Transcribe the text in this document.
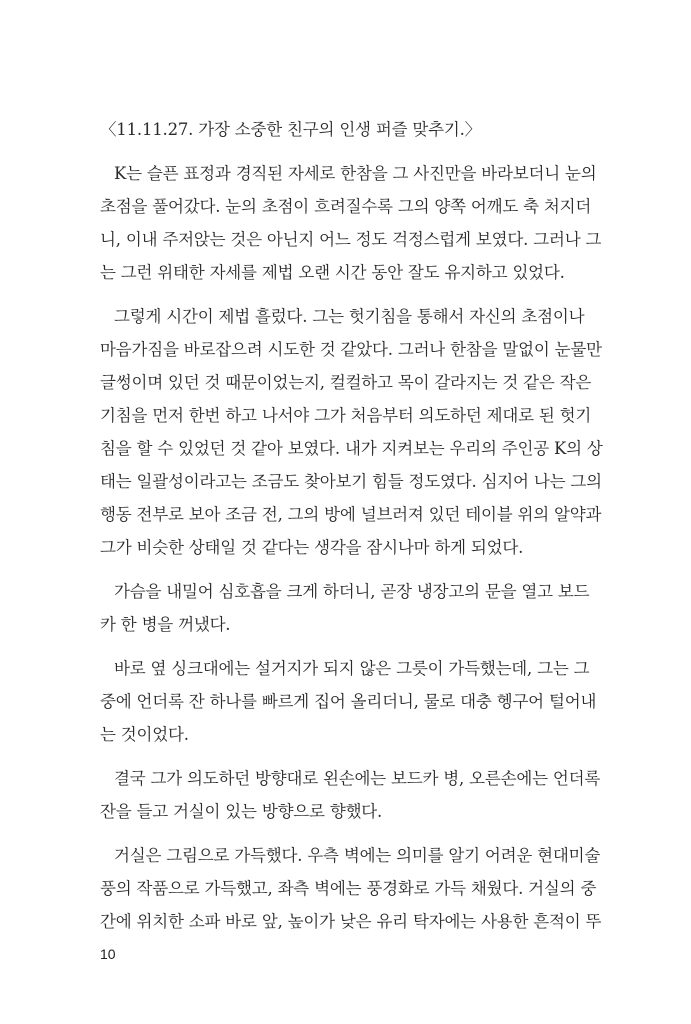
〈11.11.27. 가장 소중한 친구의 인생 퍼즐 맞추기.〉
K는 슬픈 표정과 경직된 자세로 한참을 그 사진만을 바라보더니 눈의
초점을 풀어갔다. 눈의 초점이 흐려질수록 그의 양쪽 어깨도 축 처지더
니, 이내 주저앉는 것은 아닌지 어느 정도 걱정스럽게 보였다. 그러나 그
는 그런 위태한 자세를 제법 오랜 시간 동안 잘도 유지하고 있었다.
그렇게 시간이 제법 흘렀다. 그는 헛기침을 통해서 자신의 초점이나
마음가짐을 바로잡으려 시도한 것 같았다. 그러나 한참을 말없이 눈물만
글썽이며 있던 것 때문이었는지, 컬컬하고 목이 갈라지는 것 같은 작은
기침을 먼저 한번 하고 나서야 그가 처음부터 의도하던 제대로 된 헛기
침을 할 수 있었던 것 같아 보였다. 내가 지켜보는 우리의 주인공 K의 상
태는 일괄성이라고는 조금도 찾아보기 힘들 정도였다. 심지어 나는 그의
행동 전부로 보아 조금 전, 그의 방에 널브러져 있던 테이블 위의 알약과
그가 비슷한 상태일 것 같다는 생각을 잠시나마 하게 되었다.
가슴을 내밀어 심호흡을 크게 하더니, 곧장 냉장고의 문을 열고 보드
카 한 병을 꺼냈다.
바로 옆 싱크대에는 설거지가 되지 않은 그릇이 가득했는데, 그는 그
중에 언더록 잔 하나를 빠르게 집어 올리더니, 물로 대충 헹구어 털어내
는 것이었다.
결국 그가 의도하던 방향대로 왼손에는 보드카 병, 오른손에는 언더록
잔을 들고 거실이 있는 방향으로 향했다.
거실은 그림으로 가득했다. 우측 벽에는 의미를 알기 어려운 현대미술
풍의 작품으로 가득했고, 좌측 벽에는 풍경화로 가득 채웠다. 거실의 중
간에 위치한 소파 바로 앞, 높이가 낮은 유리 탁자에는 사용한 흔적이 뚜
10
